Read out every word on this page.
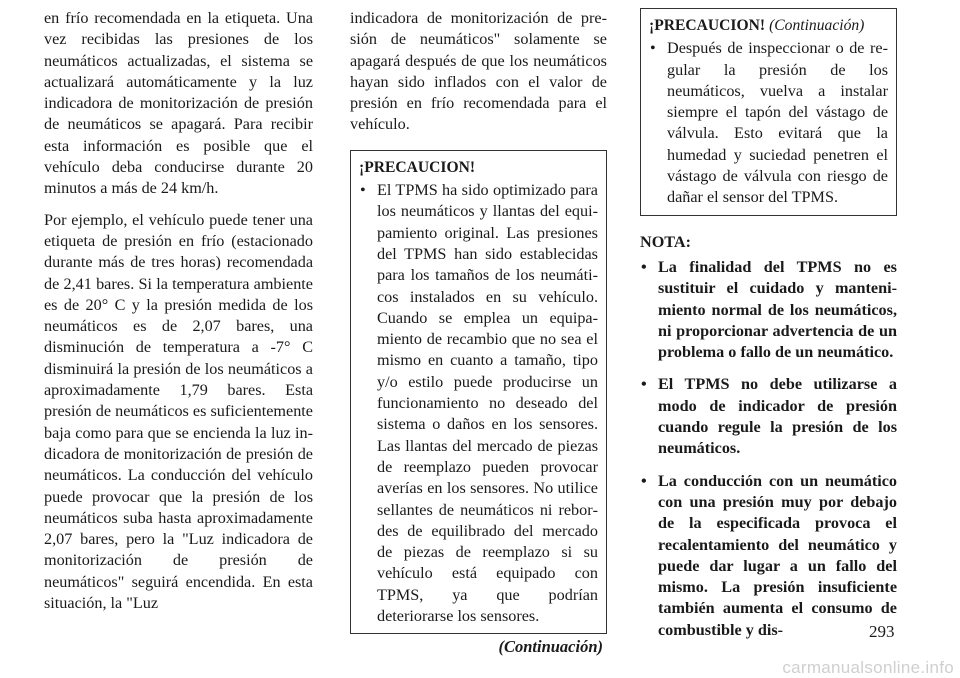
en frío recomendada en la etiqueta. Una vez recibidas las presiones de los neumáticos actualizadas, el sistema se actualizará automáticamente y la luz indicadora de monitorización de presión de neumáticos se apagará. Para recibir esta información es posible que el vehículo deba conducirse durante 20 minutos a más de 24 km/h.

Por ejemplo, el vehículo puede tener una etiqueta de presión en frío (estacionado durante más de tres horas) recomendada de 2,41 bares. Si la temperatura ambiente es de 20° C y la presión medida de los neumáticos es de 2,07 bares, una disminución de temperatura a -7° C disminuirá la presión de los neumáticos a aproximadamente 1,79 bares. Esta presión de neumáticos es suficientemente baja como para que se encienda la luz indicadora de monitorización de presión de neumáticos. La conducción del vehículo puede provocar que la presión de los neumáticos suba hasta aproximadamente 2,07 bares, pero la "Luz indicadora de monitorización de presión de neumáticos" seguirá encendida. En esta situación, la "Luz

indicadora de monitorización de presión de neumáticos" solamente se apagará después de que los neumáticos hayan sido inflados con el valor de presión en frío recomendada para el vehículo.

¡PRECAUCION!
• El TPMS ha sido optimizado para los neumáticos y llantas del equipamiento original. Las presiones del TPMS han sido establecidas para los tamaños de los neumáticos instalados en su vehículo. Cuando se emplea un equipamiento de recambio que no sea el mismo en cuanto a tamaño, tipo y/o estilo puede producirse un funcionamiento no deseado del sistema o daños en los sensores. Las llantas del mercado de piezas de reemplazo pueden provocar averías en los sensores. No utilice sellantes de neumáticos ni rebordes de equilibrado del mercado de piezas de reemplazo si su vehículo está equipado con TPMS, ya que podrían deteriorarse los sensores.
(Continuación)
¡PRECAUCION! (Continuación)
• Después de inspeccionar o de regular la presión de los neumáticos, vuelva a instalar siempre el tapón del vástago de válvula. Esto evitará que la humedad y suciedad penetren el vástago de válvula con riesgo de dañar el sensor del TPMS.
NOTA:
• La finalidad del TPMS no es sustituir el cuidado y mantenimiento normal de los neumáticos, ni proporcionar advertencia de un problema o fallo de un neumático.
• El TPMS no debe utilizarse a modo de indicador de presión cuando regule la presión de los neumáticos.
• La conducción con un neumático con una presión muy por debajo de la especificada provoca el recalentamiento del neumático y puede dar lugar a un fallo del mismo. La presión insuficiente también aumenta el consumo de combustible y dis-	293
carmanualsonline.info
